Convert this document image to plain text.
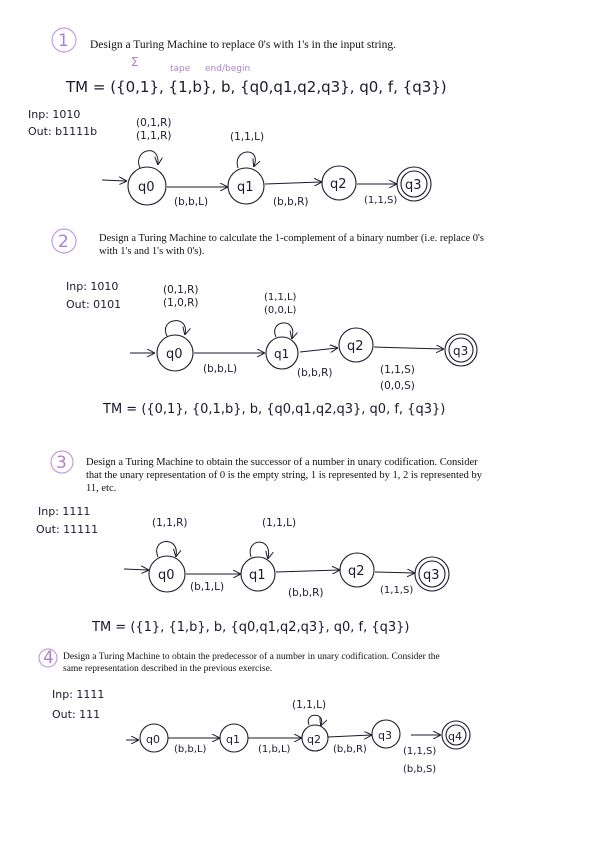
1
q0	q1	q2	q3
(0,1,R)
(1,1,R)	(1,1,L)
(b,b,L)	(b,b,R)	(1,1,S)
2
q0	q1	q2	q3
(0,1,R)
(1,0,R)	(1,1,L)
(0,0,L)
(b,b,L)	(b,b,R)	(1,1,S)
(0,0,S)
3
q0	q1	q2	q3
(1,1,R)	(1,1,L)
(b,1,L)	(b,b,R)	(1,1,S)
4
q0	q1	q2	q3	q4
(1,1,L)
(b,b,L)	(1,b,L)	(b,b,R)	(1,1,S)
(b,b,S)
Design a Turing Machine to replace 0's with 1's in the input string.
Σ	tape end/begin
TM = ({0,1}, {1,b}, b, {q0,q1,q2,q3}, q0, f, {q3})
Inp: 1010
Out: b1111b
Design a Turing Machine to calculate the 1-complement of a binary number (i.e. replace 0's with 1's and 1's with 0's).
Inp: 1010
Out: 0101
TM = ({0,1}, {0,1,b}, b, {q0,q1,q2,q3}, q0, f, {q3})
Design a Turing Machine to obtain the successor of a number in unary codification. Consider that the unary representation of 0 is the empty string, 1 is represented by 1, 2 is represented by 11, etc.
Inp: 1111
Out: 11111
TM = ({1}, {1,b}, b, {q0,q1,q2,q3}, q0, f, {q3})
Design a Turing Machine to obtain the predecessor of a number in unary codification. Consider the same representation described in the previous exercise.
Inp: 1111
Out: 111
